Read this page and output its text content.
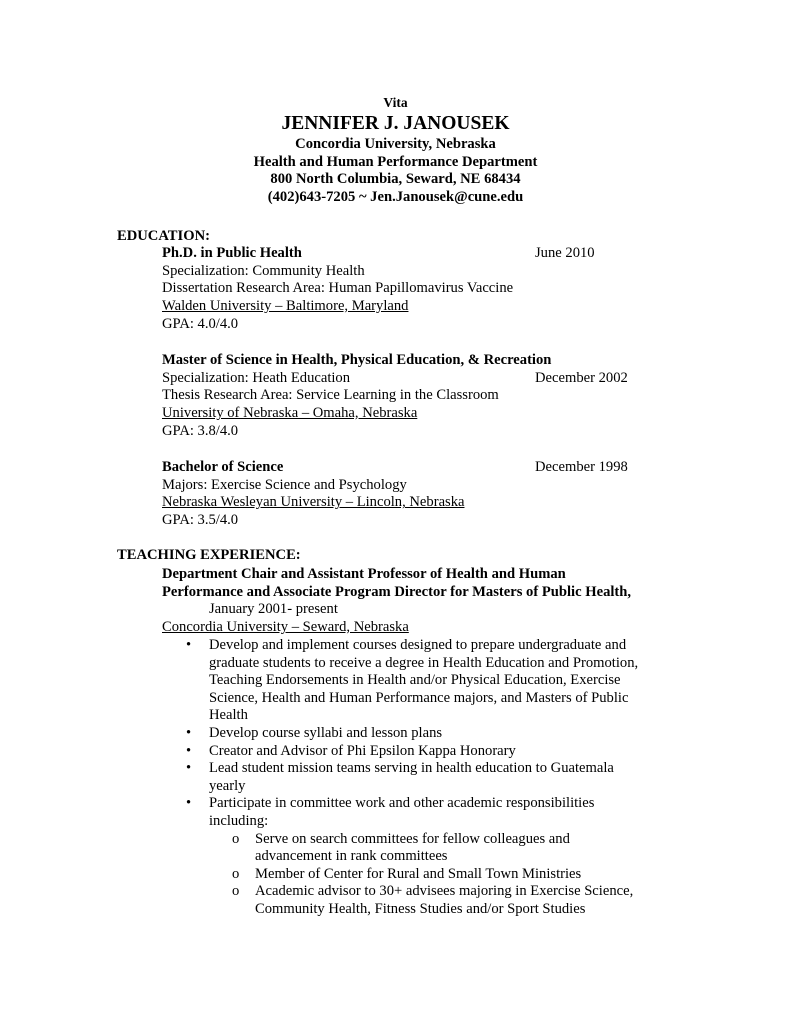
Vita
JENNIFER J. JANOUSEK
Concordia University, Nebraska
Health and Human Performance Department
800 North Columbia, Seward, NE 68434
(402)643-7205 ~ Jen.Janousek@cune.edu
EDUCATION:
Ph.D. in Public Health	June 2010
Specialization: Community Health
Dissertation Research Area: Human Papillomavirus Vaccine
Walden University – Baltimore, Maryland
GPA: 4.0/4.0
Master of Science in Health, Physical Education, & Recreation
Specialization: Heath Education	December 2002
Thesis Research Area: Service Learning in the Classroom
University of Nebraska – Omaha, Nebraska
GPA: 3.8/4.0
Bachelor of Science	December 1998
Majors: Exercise Science and Psychology
Nebraska Wesleyan University – Lincoln, Nebraska
GPA: 3.5/4.0
TEACHING EXPERIENCE:
Department Chair and Assistant Professor of Health and Human
Performance and Associate Program Director for Masters of Public Health,
January 2001- present
Concordia University – Seward, Nebraska
• Develop and implement courses designed to prepare undergraduate and
graduate students to receive a degree in Health Education and Promotion,
Teaching Endorsements in Health and/or Physical Education, Exercise
Science, Health and Human Performance majors, and Masters of Public
Health
• Develop course syllabi and lesson plans
• Creator and Advisor of Phi Epsilon Kappa Honorary
• Lead student mission teams serving in health education to Guatemala
yearly
• Participate in committee work and other academic responsibilities
including:
o Serve on search committees for fellow colleagues and
advancement in rank committees
o Member of Center for Rural and Small Town Ministries
o Academic advisor to 30+ advisees majoring in Exercise Science,
Community Health, Fitness Studies and/or Sport Studies
